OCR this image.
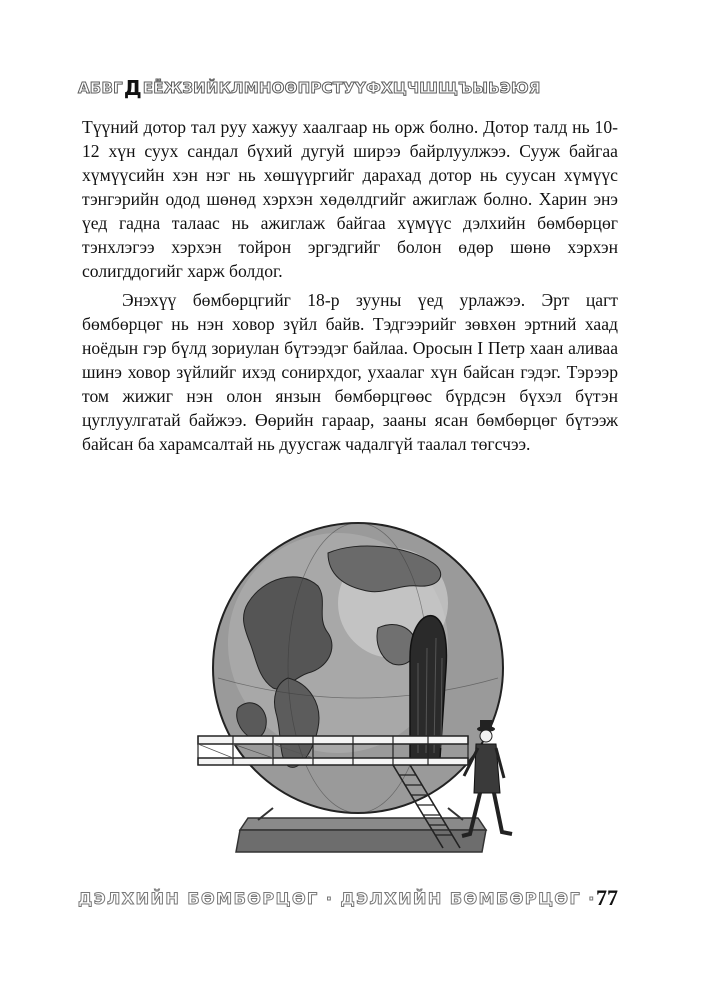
АБВГДЕЁЖЗИЙКЛМНОӨПРСТУҮФХЦЧШЩЪЫЬЭЮЯ

Түүний дотор тал руу хажуу хаалгаар нь орж болно. Дотор талд нь 10-12 хүн суух сандал бүхий дугуй ширээ байрлуулжээ. Сууж байгаа хүмүүсийн хэн нэг нь хөшүүргийг дарахад дотор нь суусан хүмүүс тэнгэрийн одод шөнөд хэрхэн хөдөлдгийг ажиглаж болно. Харин энэ үед гадна талаас нь ажиглаж байгаа хүмүүс дэлхийн бөмбөрцөг тэнхлэгээ хэрхэн тойрон эргэдгийг болон өдөр шөнө хэрхэн солигддогийг харж болдог.

Энэхүү бөмбөрцгийг 18-р зууны үед урлажээ. Эрт цагт бөмбөрцөг нь нэн ховор зүйл байв. Тэдгээрийг зөвхөн эртний хаад ноёдын гэр бүлд зориулан бүтээдэг байлаа. Оросын I Петр хаан аливаа шинэ ховор зүйлийг ихэд сонирхдог, ухаалаг хүн байсан гэдэг. Тэрээр том жижиг нэн олон янзын бөмбөрцгөөс бүрдсэн бүхэл бүтэн цуглуулгатай байжээ. Өөрийн гараар, зааны ясан бөмбөрцөг бүтээж байсан ба харамсалтай нь дуусгаж чадалгүй таалал төгсчээ.

ДЭЛХИЙН БӨМБӨРЦӨГ · ДЭЛХИЙН БӨМБӨРЦӨГ · 77
